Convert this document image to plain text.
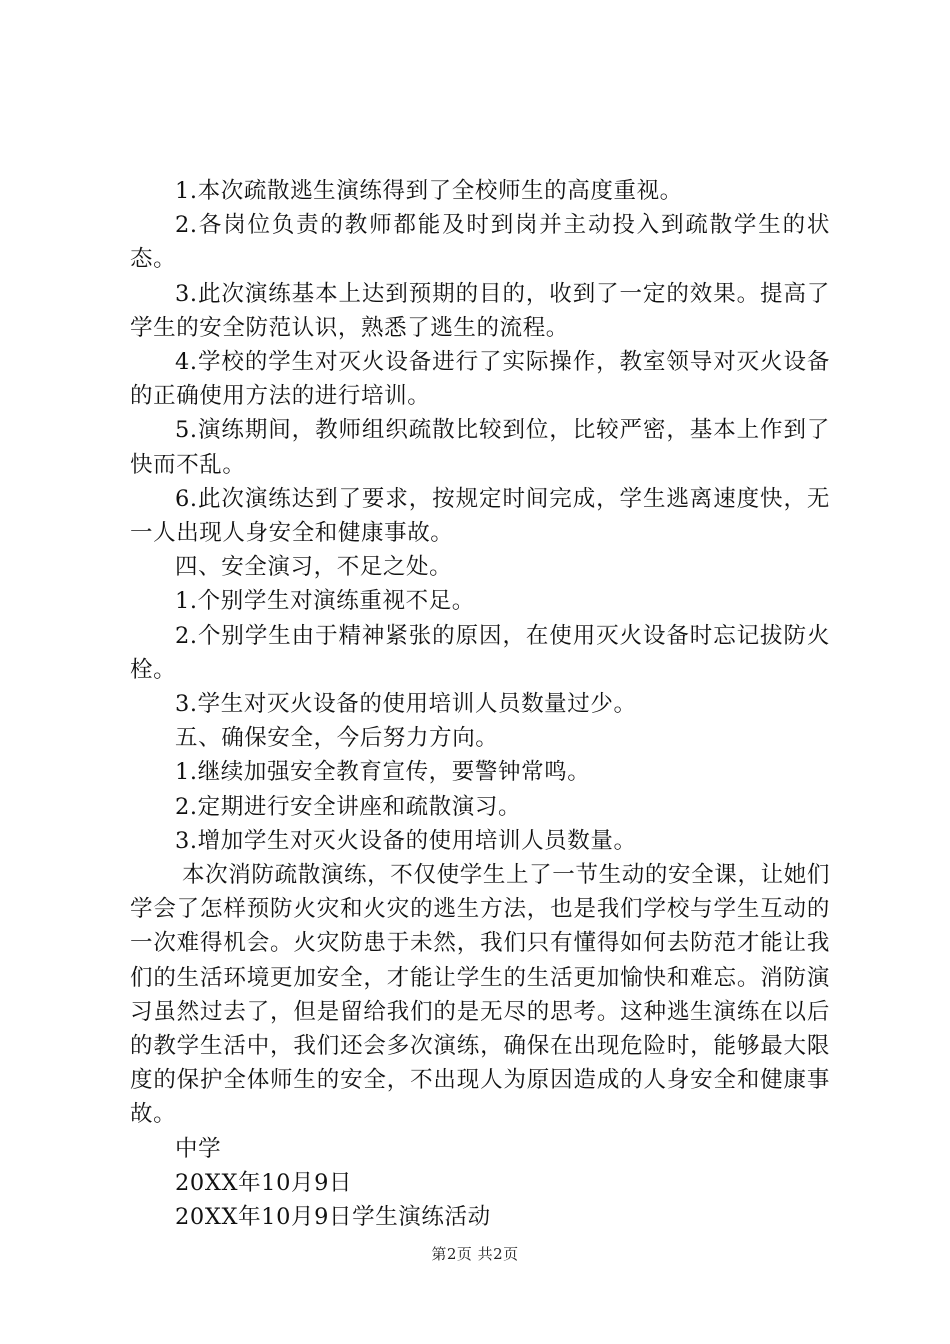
1.本次疏散逃生演练得到了全校师生的高度重视。

2.各岗位负责的教师都能及时到岗并主动投入到疏散学生的状态。

3.此次演练基本上达到预期的目的，收到了一定的效果。提高了学生的安全防范认识，熟悉了逃生的流程。

4.学校的学生对灭火设备进行了实际操作，教室领导对灭火设备的正确使用方法的进行培训。

5.演练期间，教师组织疏散比较到位，比较严密，基本上作到了快而不乱。

6.此次演练达到了要求，按规定时间完成，学生逃离速度快，无一人出现人身安全和健康事故。

四、安全演习，不足之处。

1.个别学生对演练重视不足。

2.个别学生由于精神紧张的原因，在使用灭火设备时忘记拔防火栓。

3.学生对灭火设备的使用培训人员数量过少。

五、确保安全，今后努力方向。

1.继续加强安全教育宣传，要警钟常鸣。

2.定期进行安全讲座和疏散演习。

3.增加学生对灭火设备的使用培训人员数量。

本次消防疏散演练，不仅使学生上了一节生动的安全课，让她们学会了怎样预防火灾和火灾的逃生方法，也是我们学校与学生互动的一次难得机会。火灾防患于未然，我们只有懂得如何去防范才能让我们的生活环境更加安全，才能让学生的生活更加愉快和难忘。消防演习虽然过去了，但是留给我们的是无尽的思考。这种逃生演练在以后的教学生活中，我们还会多次演练，确保在出现危险时，能够最大限度的保护全体师生的安全，不出现人为原因造成的人身安全和健康事故。

中学

20XX年10月9日

20XX年10月9日学生演练活动

第2页 共2页
